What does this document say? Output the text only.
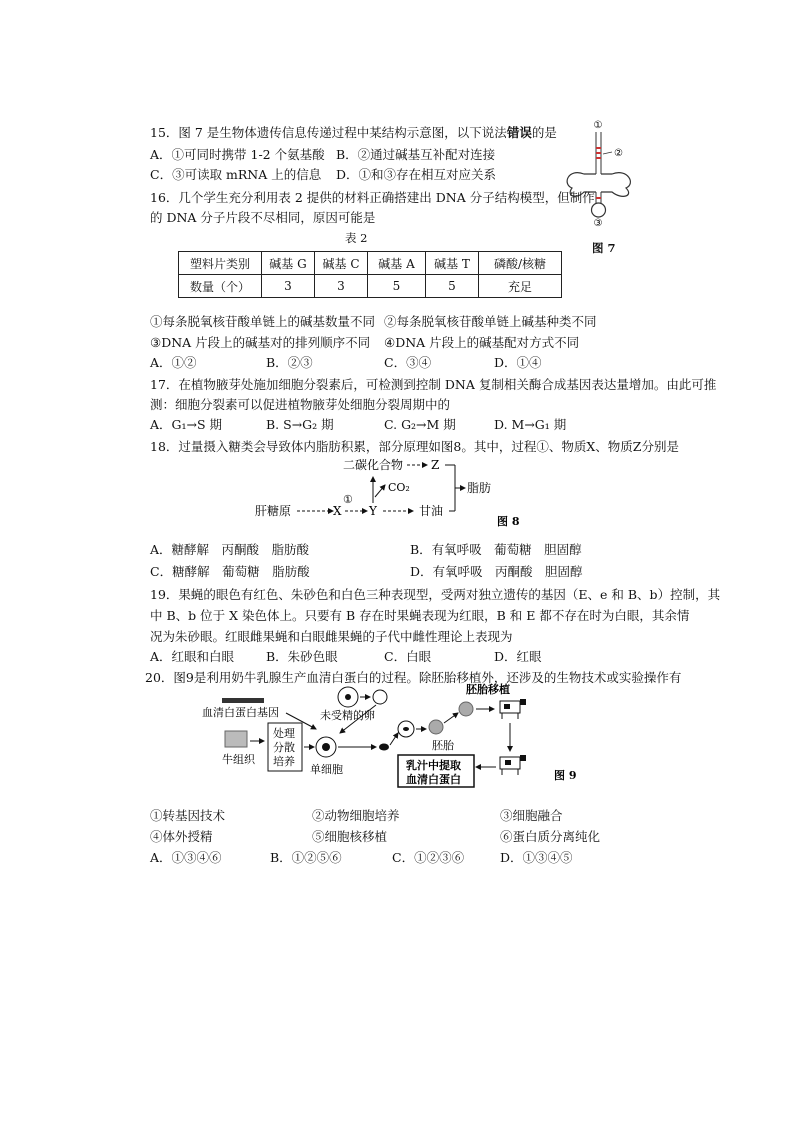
15．图 7 是生物体遗传信息传递过程中某结构示意图，以下说法错误的是
A．①可同时携带 1-2 个氨基酸 B．②通过碱基互补配对连接
C．③可读取 mRNA 上的信息 D．①和③存在相互对应关系
①
②
③
图 7
16．几个学生充分利用表 2 提供的材料正确搭建出 DNA 分子结构模型，但制作
的 DNA 分子片段不尽相同，原因可能是
表 2
塑料片类别	碱基 G	碱基 C	碱基 A	碱基 T	磷酸/核糖
数量（个）	3	3	5	5	充足
①每条脱氧核苷酸单链上的碱基数量不同 ②每条脱氧核苷酸单链上碱基种类不同
③DNA 片段上的碱基对的排列顺序不同 ④DNA 片段上的碱基配对方式不同
A．①②	B．②③	C．③④	D．①④
17．在植物腋芽处施加细胞分裂素后，可检测到控制 DNA 复制相关酶合成基因表达量增加。由此可推
测：细胞分裂素可以促进植物腋芽处细胞分裂周期中的
A．G₁→S 期	B. S→G₂ 期	C. G₂→M 期	D. M→G₁ 期
18．过量摄入糖类会导致体内脂肪积累，部分原理如图8。其中，过程①、物质X、物质Z分别是
肝糖原	X Y
①
CO₂
二碳化合物 Z
甘油
脂肪
图 8
A．糖酵解　丙酮酸　脂肪酸	B．有氧呼吸　葡萄糖　胆固醇
C．糖酵解　葡萄糖　脂肪酸	D．有氧呼吸　丙酮酸　胆固醇
19．果蝇的眼色有红色、朱砂色和白色三种表现型，受两对独立遗传的基因（E、e 和 B、b）控制，其
中 B、b 位于 X 染色体上。只要有 B 存在时果蝇表现为红眼，B 和 E 都不存在时为白眼，其余情
况为朱砂眼。红眼雌果蝇和白眼雌果蝇的子代中雌性理论上表现为
A．红眼和白眼	B．朱砂色眼	C．白眼	D．红眼
20．图9是利用奶牛乳腺生产血清白蛋白的过程。除胚胎移植外，还涉及的生物技术或实验操作有
血清白蛋白基因	未受精的卵
牛组织
处理
分散
培养
单细胞
胚胎
胚胎移植
乳汁中提取
血清白蛋白	图 9
①转基因技术	②动物细胞培养	③细胞融合
④体外授精	⑤细胞核移植	⑥蛋白质分离纯化
A．①③④⑥	B．①②⑤⑥	C．①②③⑥	D．①③④⑤
